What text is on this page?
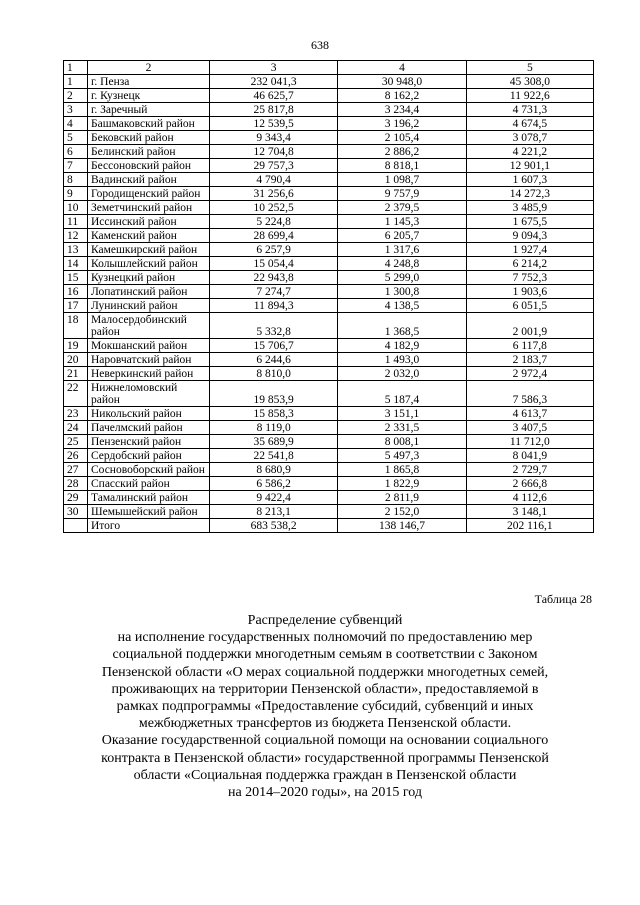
638
1	2	3	4	5
1	г. Пенза	232 041,3	30 948,0	45 308,0
2	г. Кузнецк	46 625,7	8 162,2	11 922,6
3	г. Заречный	25 817,8	3 234,4	4 731,3
4	Башмаковский район	12 539,5	3 196,2	4 674,5
5	Бековский район	9 343,4	2 105,4	3 078,7
6	Белинский район	12 704,8	2 886,2	4 221,2
7	Бессоновский район	29 757,3	8 818,1	12 901,1
8	Вадинский район	4 790,4	1 098,7	1 607,3
9	Городищенский район	31 256,6	9 757,9	14 272,3
10	Земетчинский район	10 252,5	2 379,5	3 485,9
11	Иссинский район	5 224,8	1 145,3	1 675,5
12	Каменский район	28 699,4	6 205,7	9 094,3
13	Камешкирский район	6 257,9	1 317,6	1 927,4
14	Колышлейский район	15 054,4	4 248,8	6 214,2
15	Кузнецкий район	22 943,8	5 299,0	7 752,3
16	Лопатинский район	7 274,7	1 300,8	1 903,6
17	Лунинский район	11 894,3	4 138,5	6 051,5
18	Малосердобинский район	5 332,8	1 368,5	2 001,9
19	Мокшанский район	15 706,7	4 182,9	6 117,8
20	Наровчатский район	6 244,6	1 493,0	2 183,7
21	Неверкинский район	8 810,0	2 032,0	2 972,4
22	Нижнеломовский район	19 853,9	5 187,4	7 586,3
23	Никольский район	15 858,3	3 151,1	4 613,7
24	Пачелмский район	8 119,0	2 331,5	3 407,5
25	Пензенский район	35 689,9	8 008,1	11 712,0
26	Сердобский район	22 541,8	5 497,3	8 041,9
27	Сосновоборский район	8 680,9	1 865,8	2 729,7
28	Спасский район	6 586,2	1 822,9	2 666,8
29	Тамалинский район	9 422,4	2 811,9	4 112,6
30	Шемышейский район	8 213,1	2 152,0	3 148,1
	Итого	683 538,2	138 146,7	202 116,1
Таблица 28
Распределение субвенций
на исполнение государственных полномочий по предоставлению мер
социальной поддержки многодетным семьям в соответствии с Законом
Пензенской области «О мерах социальной поддержки многодетных семей,
проживающих на территории Пензенской области», предоставляемой в
рамках подпрограммы «Предоставление субсидий, субвенций и иных
межбюджетных трансфертов из бюджета Пензенской области.
Оказание государственной социальной помощи на основании социального
контракта в Пензенской области» государственной программы Пензенской
области «Социальная поддержка граждан в Пензенской области
на 2014–2020 годы», на 2015 год
